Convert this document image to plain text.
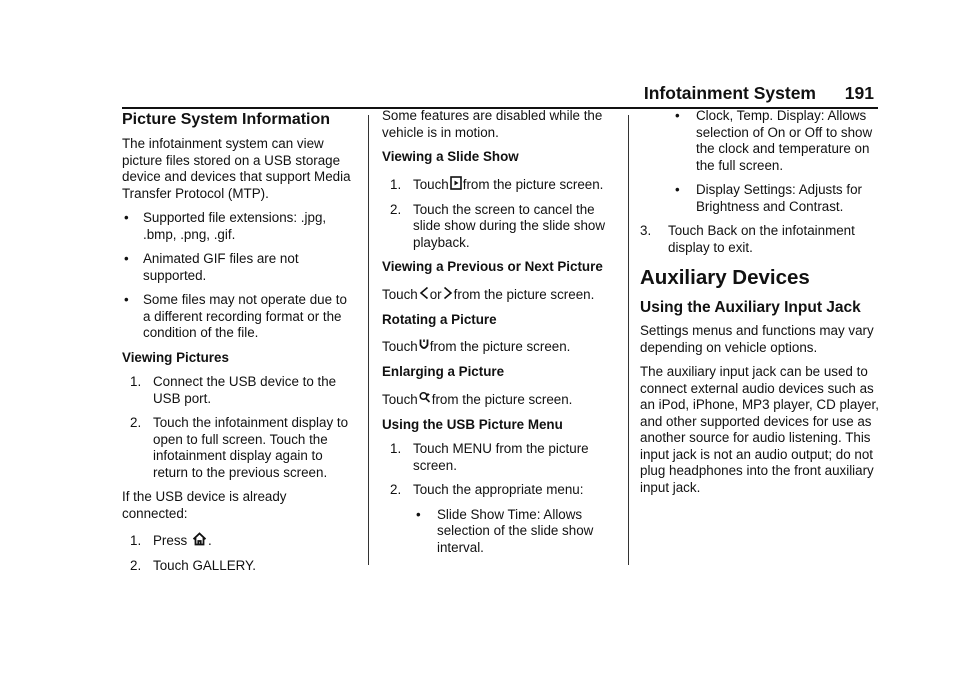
Infotainment System 191
Picture System Information

The infotainment system can view picture files stored on a USB storage device and devices that support Media Transfer Protocol (MTP).

• Supported file extensions: .jpg, .bmp, .png, .gif.
• Animated GIF files are not supported.
• Some files may not operate due to a different recording format or the condition of the file.
Viewing Pictures
1. Connect the USB device to the USB port.
2. Touch the infotainment display to open to full screen. Touch the infotainment display again to return to the previous screen.

If the USB device is already connected:

1. Press .
2. Touch GALLERY.

Some features are disabled while the vehicle is in motion.

Viewing a Slide Show
1. Touch from the picture screen.
2. Touch the screen to cancel the slide show during the slide show playback.
Viewing a Previous or Next Picture

Touch or from the picture screen.

Rotating a Picture

Touch from the picture screen.

Enlarging a Picture

Touch from the picture screen.

Using the USB Picture Menu
1. Touch MENU from the picture screen.
2. Touch the appropriate menu:
• Slide Show Time: Allows selection of the slide show interval.
• Clock, Temp. Display: Allows selection of On or Off to show the clock and temperature on the full screen.
• Display Settings: Adjusts for Brightness and Contrast.
3. Touch Back on the infotainment display to exit.
Auxiliary Devices
Using the Auxiliary Input Jack

Settings menus and functions may vary depending on vehicle options.

The auxiliary input jack can be used to connect external audio devices such as an iPod, iPhone, MP3 player, CD player, and other supported devices for use as another source for audio listening. This input jack is not an audio output; do not plug headphones into the front auxiliary input jack.
